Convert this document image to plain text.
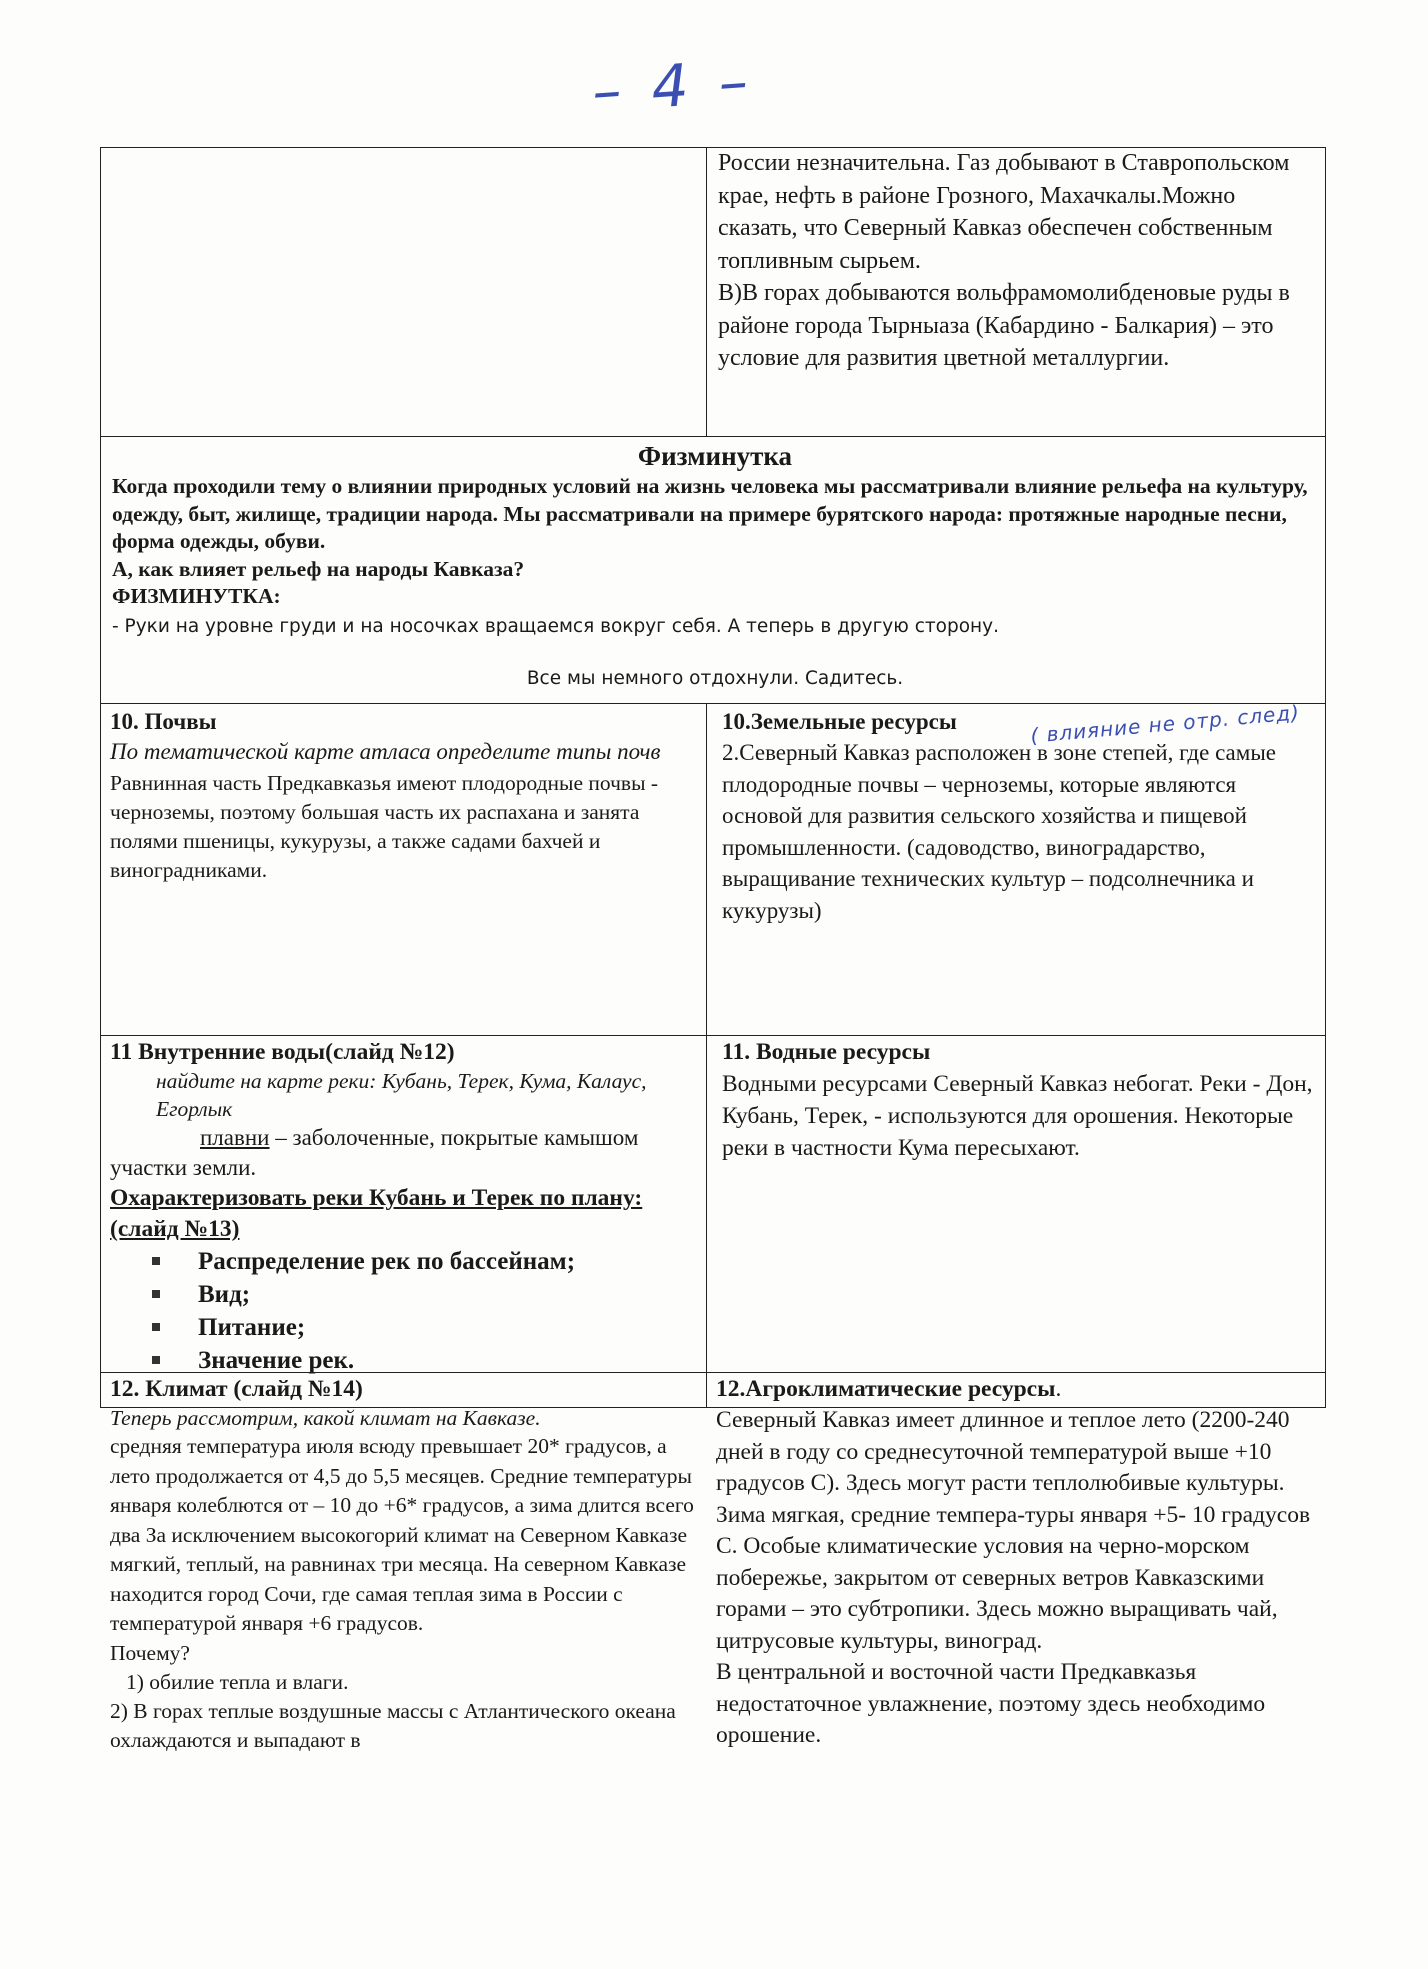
– 4 –

России незначительна. Газ добывают в Ставропольском крае, нефть в районе Грозного, Махачкалы.Можно сказать, что Северный Кавказ обеспечен собственным топливным сырьем.

В)В горах добываются вольфрамомолибденовые руды в районе города Тырныаза (Кабардино - Балкария) – это условие для развития цветной металлургии.

Физминутка

Когда проходили тему о влиянии природных условий на жизнь человека мы рассматривали влияние рельефа на культуру, одежду, быт, жилище, традиции народа. Мы рассматривали на примере бурятского народа: протяжные народные песни, форма одежды, обуви.

А, как влияет рельеф на народы Кавказа?

ФИЗМИНУТКА:

- Руки на уровне груди и на носочках вращаемся вокруг себя. А теперь в другую сторону.

Все мы немного отдохнули. Садитесь.

10. Почвы

По тематической карте атласа определите типы почв

Равнинная часть Предкавказья имеют плодородные почвы - черноземы, поэтому большая часть их распахана и занята полями пшеницы, кукурузы, а также садами бахчей и виноградниками.

10.Земельные ресурсы

2.Северный Кавказ расположен в зоне степей, где самые плодородные почвы – черноземы, которые являются основой для развития сельского хозяйства и пищевой промышленности. (садоводство, виноградарство, выращивание технических культур – подсолнечника и кукурузы)

( влияние не отр. след)

11 Внутренние воды(слайд №12)

найдите на карте реки: Кубань, Терек, Кума, Калаус, Егорлык

плавни – заболоченные, покрытые камышом участки земли.

Охарактеризовать реки Кубань и Терек по плану:(слайд №13)

Распределение рек по бассейнам;
Вид;
Питание;
Значение рек.

11. Водные ресурсы

Водными ресурсами Северный Кавказ небогат. Реки - Дон, Кубань, Терек, - используются для орошения. Некоторые реки в частности Кума пересыхают.

12. Климат (слайд №14)

Теперь рассмотрим, какой климат на Кавказе.

средняя температура июля всюду превышает 20* градусов, а лето продолжается от 4,5 до 5,5 месяцев. Средние температуры января колеблются от – 10 до +6* градусов, а зима длится всего два За исключением высокогорий климат на Северном Кавказе мягкий, теплый, на равнинах три месяца. На северном Кавказе находится город Сочи, где самая теплая зима в России с температурой января +6 градусов.

Почему?

1) обилие тепла и влаги.

2) В горах теплые воздушные массы с Атлантического океана охлаждаются и выпадают в

12.Агроклиматические ресурсы.

Северный Кавказ имеет длинное и теплое лето (2200-240 дней в году со среднесуточной температурой выше +10 градусов С). Здесь могут расти теплолюбивые культуры. Зима мягкая, средние темпера-туры января +5- 10 градусов С. Особые климатические условия на черно-морском побережье, закрытом от северных ветров Кавказскими горами – это субтропики. Здесь можно выращивать чай, цитрусовые культуры, виноград.

В центральной и восточной части Предкавказья недостаточное увлажнение, поэтому здесь необходимо орошение.
